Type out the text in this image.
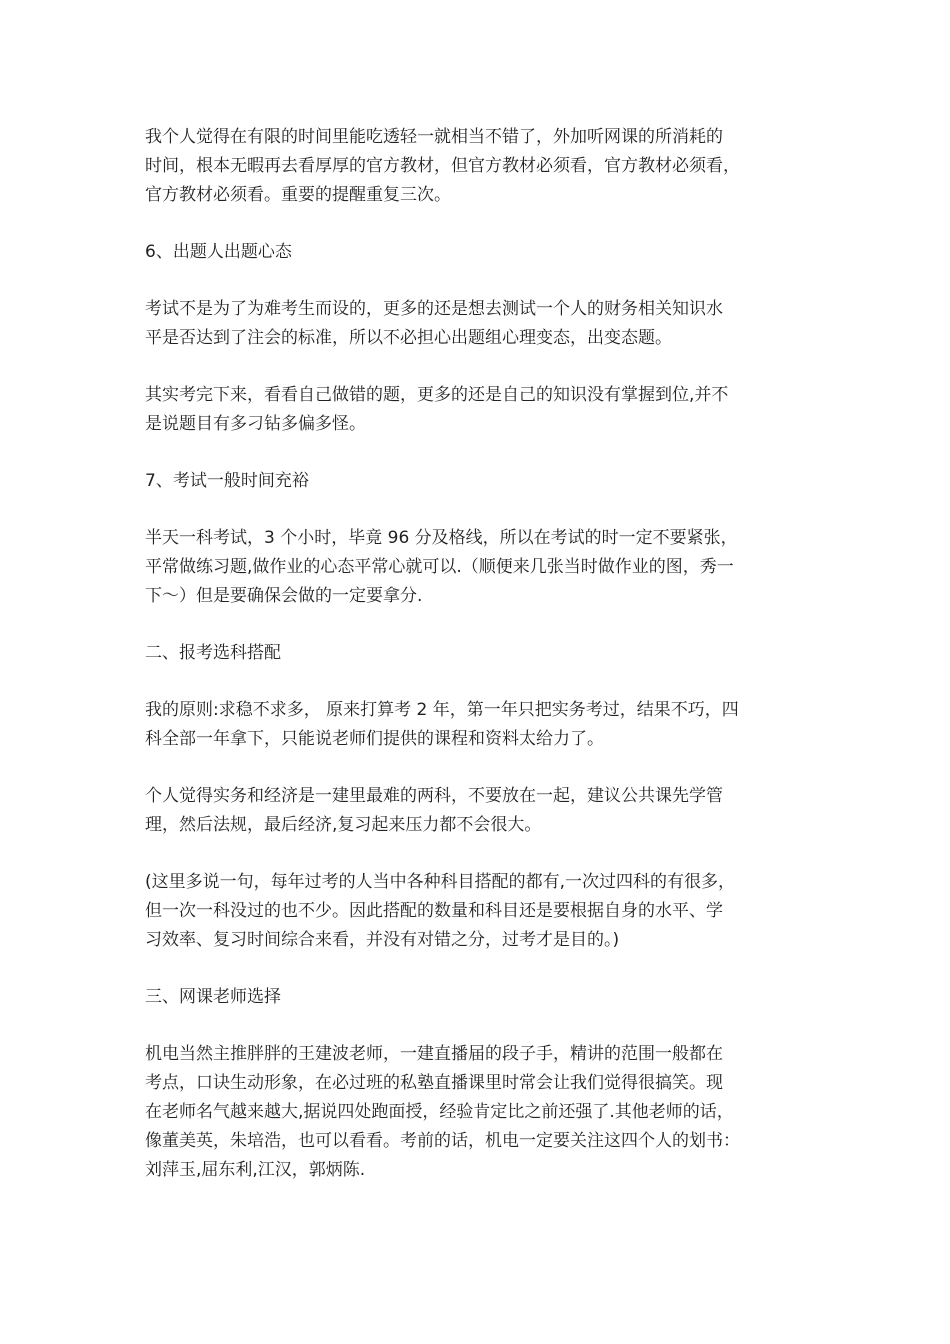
我个人觉得在有限的时间里能吃透轻一就相当不错了，外加听网课的所消耗的
时间，根本无暇再去看厚厚的官方教材，但官方教材必须看，官方教材必须看，
官方教材必须看。重要的提醒重复三次。
6、出题人出题心态
考试不是为了为难考生而设的，更多的还是想去测试一个人的财务相关知识水
平是否达到了注会的标准，所以不必担心出题组心理变态，出变态题。
其实考完下来，看看自己做错的题，更多的还是自己的知识没有掌握到位,并不
是说题目有多刁钻多偏多怪。
7、考试一般时间充裕
半天一科考试，3 个小时，毕竟 96 分及格线，所以在考试的时一定不要紧张，
平常做练习题,做作业的心态平常心就可以.（顺便来几张当时做作业的图，秀一
下～）但是要确保会做的一定要拿分.
二、报考选科搭配
我的原则:求稳不求多， 原来打算考 2 年，第一年只把实务考过，结果不巧，四
科全部一年拿下，只能说老师们提供的课程和资料太给力了。
个人觉得实务和经济是一建里最难的两科，不要放在一起，建议公共课先学管
理，然后法规，最后经济,复习起来压力都不会很大。
(这里多说一句，每年过考的人当中各种科目搭配的都有,一次过四科的有很多，
但一次一科没过的也不少。因此搭配的数量和科目还是要根据自身的水平、学
习效率、复习时间综合来看，并没有对错之分，过考才是目的。)
三、网课老师选择
机电当然主推胖胖的王建波老师，一建直播届的段子手，精讲的范围一般都在
考点，口诀生动形象，在必过班的私塾直播课里时常会让我们觉得很搞笑。现
在老师名气越来越大,据说四处跑面授，经验肯定比之前还强了.其他老师的话，
像董美英，朱培浩，也可以看看。考前的话，机电一定要关注这四个人的划书：
刘萍玉,屈东利,江汉，郭炳陈.
